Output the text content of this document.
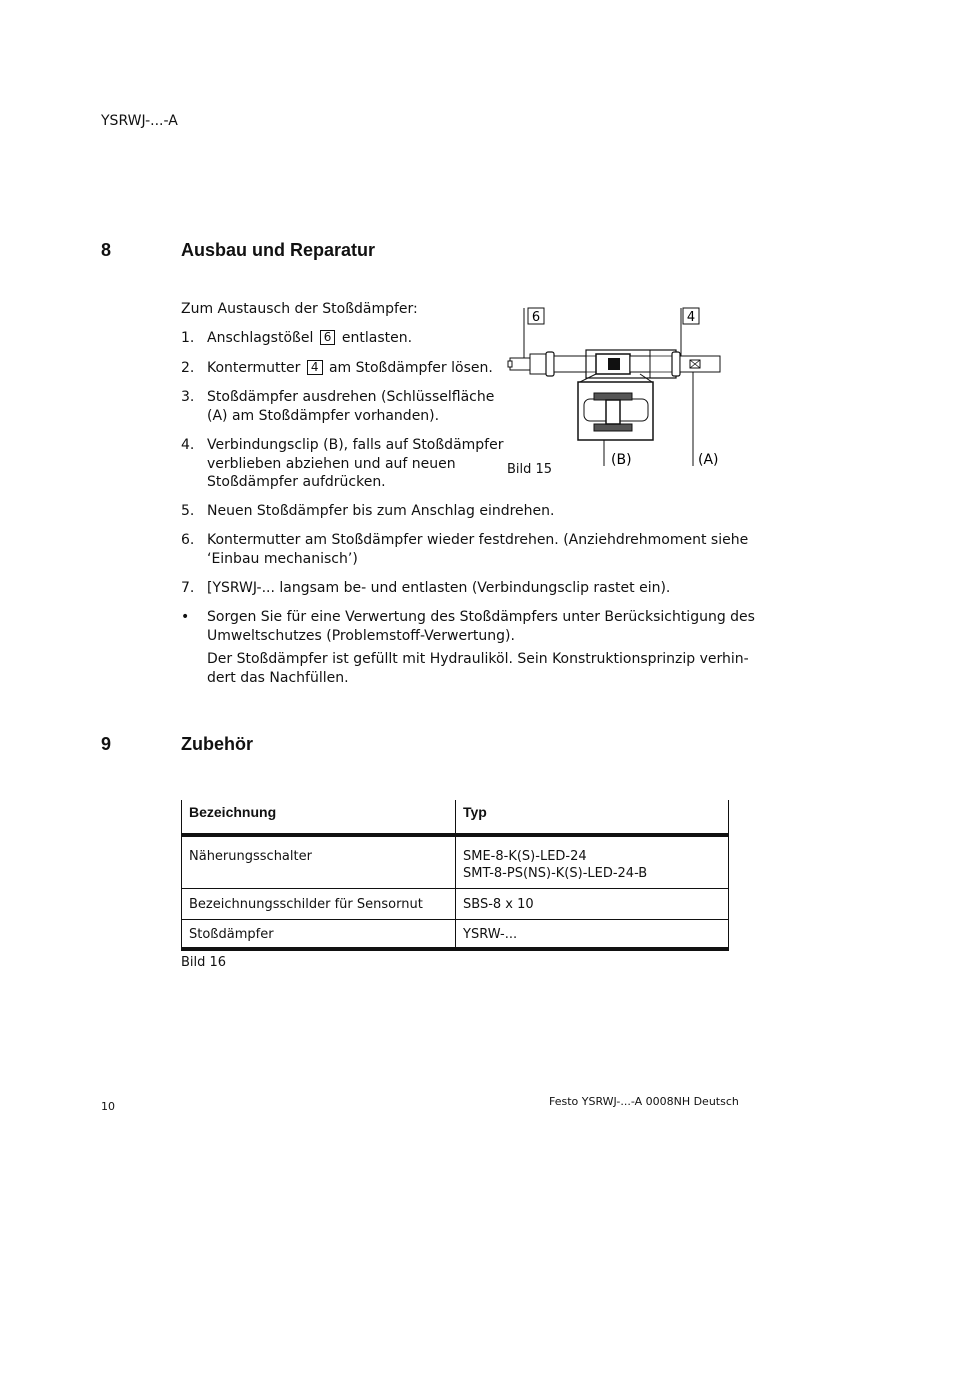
YSRWJ-...-A
8	Ausbau und Reparatur
Zum Austausch der Stoßdämpfer:
1. Anschlagstößel 6 entlasten.
2. Kontermutter 4 am Stoßdämpfer lösen.
3. Stoßdämpfer ausdrehen (Schlüsselfläche
(A) am Stoßdämpfer vorhanden).
4. Verbindungsclip (B), falls auf Stoßdämpfer
verblieben abziehen und auf neuen
Stoßdämpfer aufdrücken.
5. Neuen Stoßdämpfer bis zum Anschlag eindrehen.
6. Kontermutter am Stoßdämpfer wieder festdrehen. (Anziehdrehmoment siehe
‘Einbau mechanisch’)
7. [YSRWJ-... langsam be- und entlasten (Verbindungsclip rastet ein).
• Sorgen Sie für eine Verwertung des Stoßdämpfers unter Berücksichtigung des
Umweltschutzes (Problemstoff-Verwertung).
Der Stoßdämpfer ist gefüllt mit Hydrauliköl. Sein Konstruktionsprinzip verhin-
dert das Nachfüllen.
6	4
(B)	(A)
Bild 15
9	Zubehör
Bezeichnung	Typ
Näherungsschalter	SME-8-K(S)-LED-24
SMT-8-PS(NS)-K(S)-LED-24-B

Bezeichnungsschilder für Sensornut	SBS-8 x 10

Stoßdämpfer	YSRW-...
Bild 16
10	Festo YSRWJ-...-A 0008NH Deutsch
